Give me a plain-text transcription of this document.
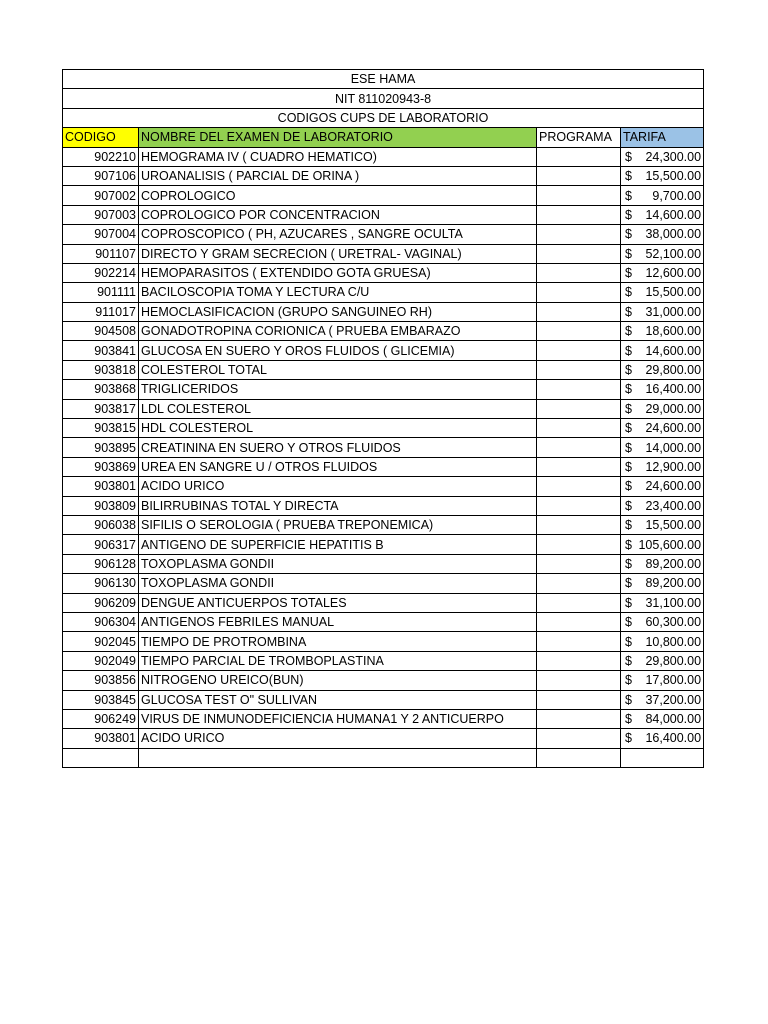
ESE HAMA			
NIT 811020943-8			
CODIGOS CUPS DE LABORATORIO			
CODIGO	NOMBRE DEL EXAMEN DE LABORATORIO	PROGRAMA	TARIFA
902210	HEMOGRAMA IV ( CUADRO HEMATICO)		$ 24,300.00
907106	UROANALISIS ( PARCIAL DE ORINA )		$ 15,500.00
907002	COPROLOGICO		$ 9,700.00
907003	COPROLOGICO POR CONCENTRACION		$ 14,600.00
907004	COPROSCOPICO ( PH, AZUCARES , SANGRE OCULTA		$ 38,000.00
901107	DIRECTO Y GRAM SECRECION ( URETRAL- VAGINAL)		$ 52,100.00
902214	HEMOPARASITOS ( EXTENDIDO GOTA GRUESA)		$ 12,600.00
901111	BACILOSCOPIA TOMA Y LECTURA C/U		$ 15,500.00
911017	HEMOCLASIFICACION (GRUPO SANGUINEO RH)		$ 31,000.00
904508	GONADOTROPINA CORIONICA ( PRUEBA EMBARAZO		$ 18,600.00
903841	GLUCOSA EN SUERO Y OROS FLUIDOS ( GLICEMIA)		$ 14,600.00
903818	COLESTEROL TOTAL		$ 29,800.00
903868	TRIGLICERIDOS		$ 16,400.00
903817	LDL COLESTEROL		$ 29,000.00
903815	HDL COLESTEROL		$ 24,600.00
903895	CREATININA EN SUERO Y OTROS FLUIDOS		$ 14,000.00
903869	UREA EN SANGRE U / OTROS FLUIDOS		$ 12,900.00
903801	ACIDO URICO		$ 24,600.00
903809	BILIRRUBINAS TOTAL Y DIRECTA		$ 23,400.00
906038	SIFILIS O SEROLOGIA ( PRUEBA TREPONEMICA)		$ 15,500.00
906317	ANTIGENO DE SUPERFICIE HEPATITIS B		$ 105,600.00
906128	TOXOPLASMA GONDII		$ 89,200.00
906130	TOXOPLASMA GONDII		$ 89,200.00
906209	DENGUE ANTICUERPOS TOTALES		$ 31,100.00
906304	ANTIGENOS FEBRILES MANUAL		$ 60,300.00
902045	TIEMPO DE PROTROMBINA		$ 10,800.00
902049	TIEMPO PARCIAL DE TROMBOPLASTINA		$ 29,800.00
903856	NITROGENO UREICO(BUN)		$ 17,800.00
903845	GLUCOSA TEST O" SULLIVAN		$ 37,200.00
906249	VIRUS DE INMUNODEFICIENCIA HUMANA1 Y 2 ANTICUERPO		$ 84,000.00
903801	ACIDO URICO		$ 16,400.00
